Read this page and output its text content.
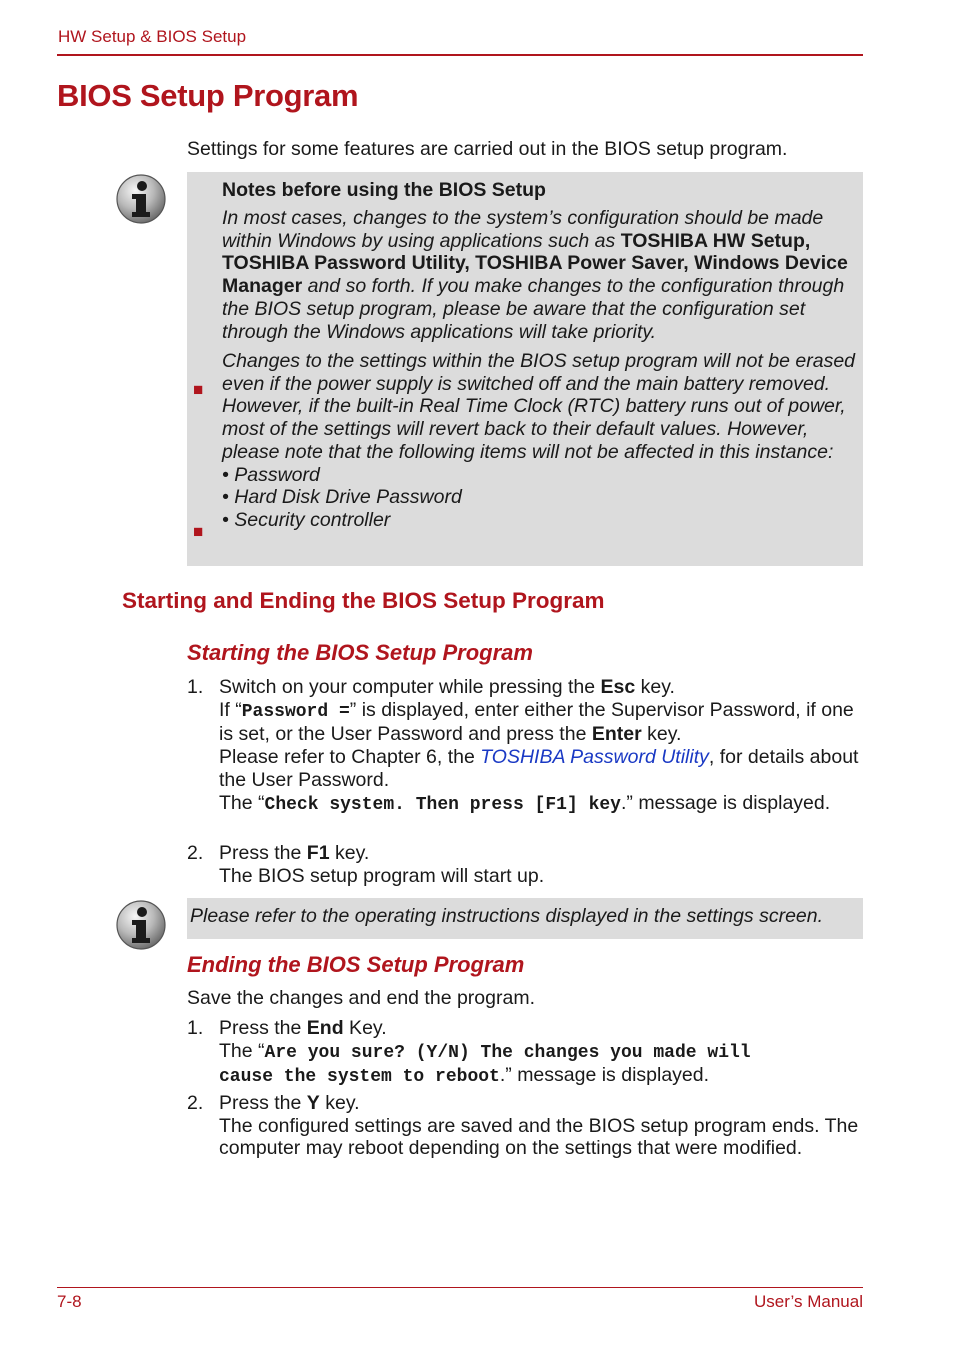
HW Setup & BIOS Setup
BIOS Setup Program
Settings for some features are carried out in the BIOS setup program.
Notes before using the BIOS Setup
■
In most cases, changes to the system’s configuration should be made within Windows by using applications such as TOSHIBA HW Setup, TOSHIBA Password Utility, TOSHIBA Power Saver, Windows Device Manager and so forth. If you make changes to the configuration through the BIOS setup program, please be aware that the configuration set through the Windows applications will take priority.
■
Changes to the settings within the BIOS setup program will not be erased even if the power supply is switched off and the main battery removed. However, if the built-in Real Time Clock (RTC) battery runs out of power, most of the settings will revert back to their default values. However, please note that the following items will not be affected in this instance:
• Password
• Hard Disk Drive Password
• Security controller
Starting and Ending the BIOS Setup Program
Starting the BIOS Setup Program
1. Switch on your computer while pressing the Esc key.
If “Password =” is displayed, enter either the Supervisor Password, if one is set, or the User Password and press the Enter key.
Please refer to Chapter 6, the TOSHIBA Password Utility, for details about the User Password.
The “Check system. Then press [F1] key.” message is displayed.
2. Press the F1 key.
The BIOS setup program will start up.
Please refer to the operating instructions displayed in the settings screen.
Ending the BIOS Setup Program
Save the changes and end the program.
1. Press the End Key.
The “Are you sure? (Y/N) The changes you made will
cause the system to reboot.” message is displayed.
2. Press the Y key.
The configured settings are saved and the BIOS setup program ends. The computer may reboot depending on the settings that were modified.
7-8	User’s Manual
